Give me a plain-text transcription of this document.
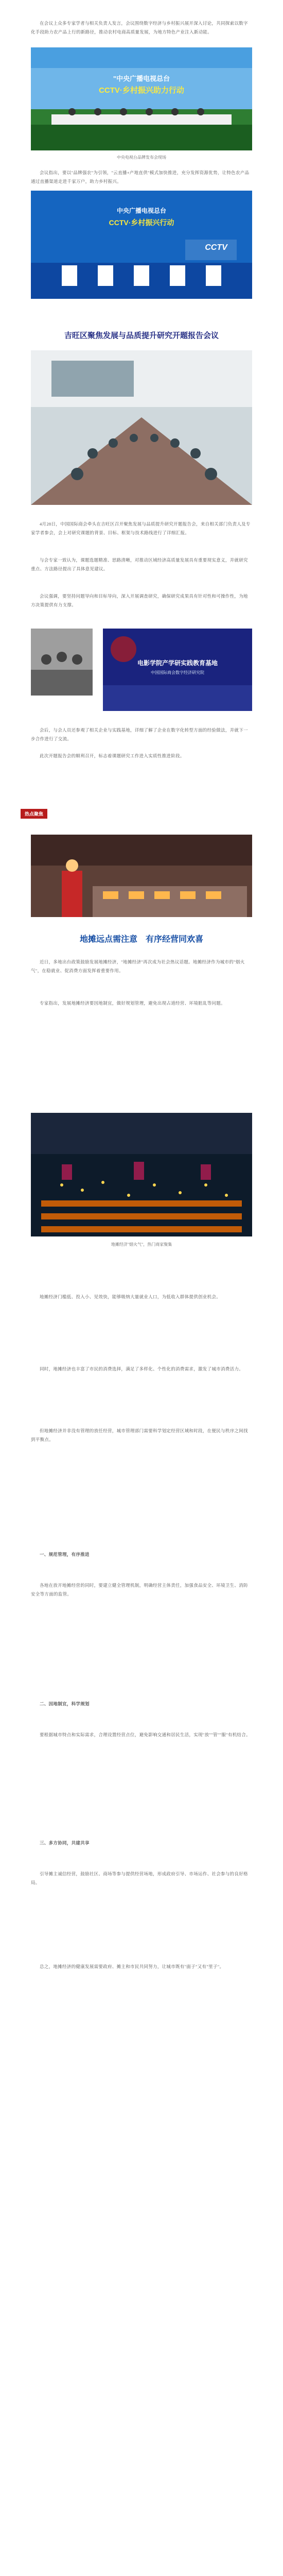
在会议上众多专家学者与相关负责人发言，会议围绕数字经济与乡村振兴展开深入讨论，共同探索以数字化手段助力农产品上行的新路径，推动农村电商高质量发展，为地方特色产业注入新动能。

"中央广播电视总台
CCTV·乡村振兴助力行动
中央电视台品牌发布会现场

会议指出，要以"品牌强农"为引领，"云直播+产地直供"模式加快推进，充分发挥资源优势，让特色农产品通过直播渠道走进千家万户，助力乡村振兴。

中央广播电视总台
CCTV·乡村振兴行动
CCTV
吉旺区聚焦发展与品质提升研究开题报告会议

4月28日，中国国际商会牵头在吉旺区召开聚焦发展与品质提升研究开题报告会，来自相关部门负责人及专家学者参会，会上对研究课题的背景、目标、框架与技术路线进行了详细汇报。

与会专家一致认为，课题选题精准、思路清晰，对推动区域经济高质量发展具有重要现实意义，并就研究重点、方法路径提出了具体意见建议。

会议强调，要坚持问题导向和目标导向，深入开展调查研究，确保研究成果具有针对性和可操作性，为地方决策提供有力支撑。

电影学院产学研实践教育基地
中国国际商会数字经济研究院

会后，与会人员还参观了相关企业与实践基地，详细了解了企业在数字化转型方面的经验做法，并就下一步合作进行了交流。

此次开题报告会的顺利召开，标志着课题研究工作进入实质性推进阶段。

热点聚焦
地摊远点需注意　有序经营同欢喜

近日，多地出台政策鼓励发展地摊经济，"地摊经济"再次成为社会热议话题。地摊经济作为城市的"烟火气"，在稳就业、促消费方面发挥着重要作用。

专家指出，发展地摊经济要因地制宜，做好规划管理，避免出现占道经营、环境脏乱等问题。

地摊经济"烟火气"，热门商家聚集

地摊经济门槛低、投入小、见效快，能够吸纳大量就业人口，为低收入群体提供创业机会。

同时，地摊经济也丰富了市民的消费选择，满足了多样化、个性化的消费需求，激发了城市消费活力。

但地摊经济并非没有管理的放任经营，城市管理部门需要科学划定经营区域和时段，在便民与秩序之间找到平衡点。

一、规范管理，有序推进

各地在放开地摊经营的同时，要建立健全管理机制，明确经营主体责任，加强食品安全、环境卫生、消防安全等方面的监管。

二、因地制宜，科学规划

要根据城市特点和实际需求，合理设置经营点位，避免影响交通和居民生活，实现"放""管""服"有机结合。

三、多方协同，共建共享

引导摊主诚信经营，鼓励社区、商场等参与提供经营场地，形成政府引导、市场运作、社会参与的良好格局。

总之，地摊经济的健康发展需要政府、摊主和市民共同努力，让城市既有"面子"又有"里子"。
